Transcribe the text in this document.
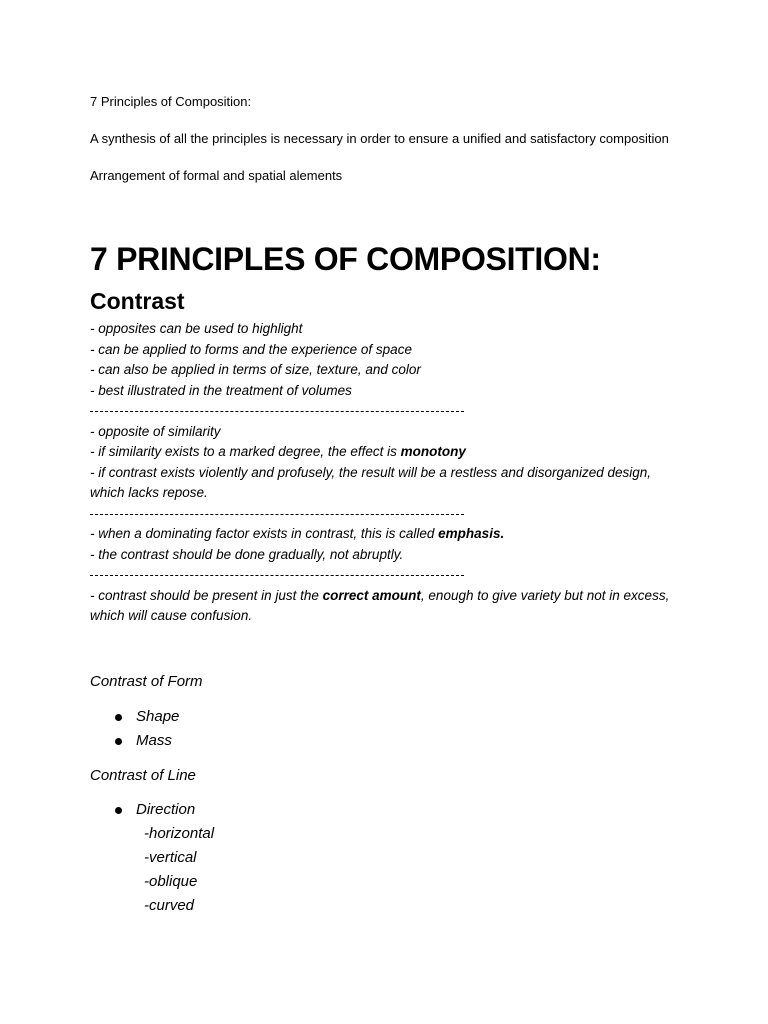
7 Principles of Composition:
A synthesis of all the principles is necessary in order to ensure a unified and satisfactory composition
Arrangement of formal and spatial alements
7 PRINCIPLES OF COMPOSITION:
Contrast

- opposites can be used to highlight

- can be applied to forms and the experience of space

- can also be applied in terms of size, texture, and color

- best illustrated in the treatment of volumes

- opposite of similarity

- if similarity exists to a marked degree, the effect is monotony

- if contrast exists violently and profusely, the result will be a restless and disorganized design,

which lacks repose.

- when a dominating factor exists in contrast, this is called emphasis.

- the contrast should be done gradually, not abruptly.

- contrast should be present in just the correct amount, enough to give variety but not in excess,

which will cause confusion.

Contrast of Form
Shape
Mass
Contrast of Line
Direction
-horizontal
-vertical
-oblique
-curved
